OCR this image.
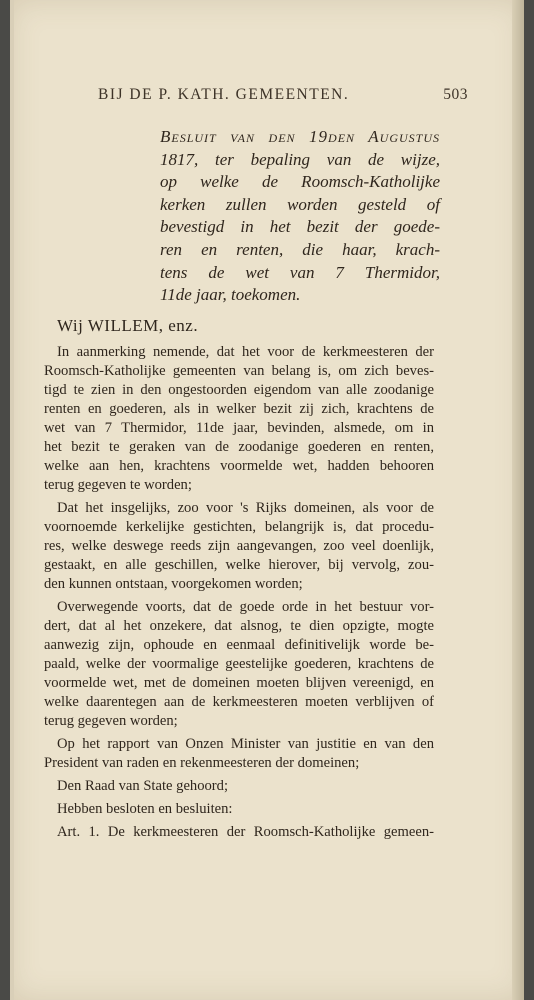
BIJ DE P. KATH. GEMEENTEN.	503
Besluit van den 19den Augustus
1817, ter bepaling van de wijze,
op welke de Roomsch-Katholijke
kerken zullen worden gesteld of
bevestigd in het bezit der goede-
ren en renten, die haar, krach-
tens de wet van 7 Thermidor,
11de jaar, toekomen.
Wij WILLEM, enz.
In aanmerking nemende, dat het voor de kerkmeesteren der
Roomsch-Katholijke gemeenten van belang is, om zich beves-
tigd te zien in den ongestoorden eigendom van alle zoodanige
renten en goederen, als in welker bezit zij zich, krachtens de
wet van 7 Thermidor, 11de jaar, bevinden, alsmede, om in
het bezit te geraken van de zoodanige goederen en renten,
welke aan hen, krachtens voormelde wet, hadden behooren
terug gegeven te worden;
Dat het insgelijks, zoo voor 's Rijks domeinen, als voor de
voornoemde kerkelijke gestichten, belangrijk is, dat procedu-
res, welke deswege reeds zijn aangevangen, zoo veel doenlijk,
gestaakt, en alle geschillen, welke hierover, bij vervolg, zou-
den kunnen ontstaan, voorgekomen worden;
Overwegende voorts, dat de goede orde in het bestuur vor-
dert, dat al het onzekere, dat alsnog, te dien opzigte, mogte
aanwezig zijn, ophoude en eenmaal definitivelijk worde be-
paald, welke der voormalige geestelijke goederen, krachtens de
voormelde wet, met de domeinen moeten blijven vereenigd, en
welke daarentegen aan de kerkmeesteren moeten verblijven of
terug gegeven worden;
Op het rapport van Onzen Minister van justitie en van den
President van raden en rekenmeesteren der domeinen;
Den Raad van State gehoord;
Hebben besloten en besluiten:
Art. 1. De kerkmeesteren der Roomsch-Katholijke gemeen-
